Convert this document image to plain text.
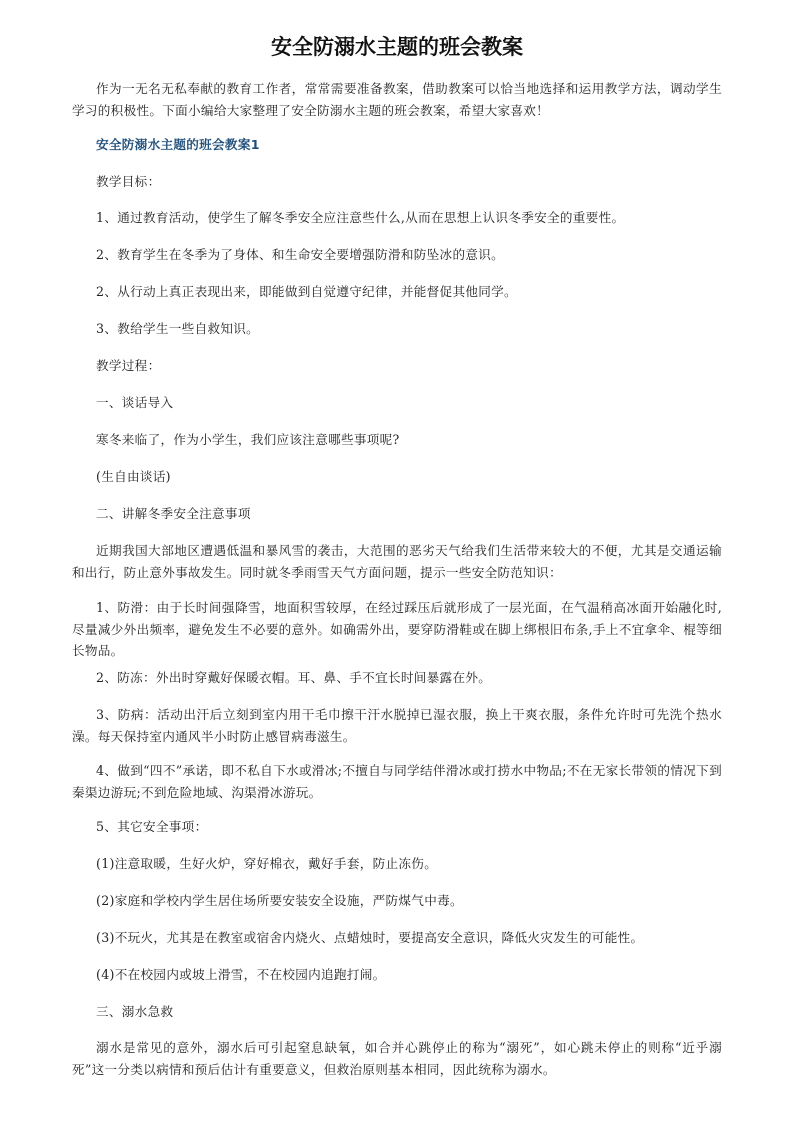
安全防溺水主题的班会教案

作为一无名无私奉献的教育工作者，常常需要准备教案，借助教案可以恰当地选择和运用教学方法，调动学生学习的积极性。下面小编给大家整理了安全防溺水主题的班会教案，希望大家喜欢！

安全防溺水主题的班会教案1

教学目标：

1、通过教育活动，使学生了解冬季安全应注意些什么,从而在思想上认识冬季安全的重要性。

2、教育学生在冬季为了身体、和生命安全要增强防滑和防坠冰的意识。

2、从行动上真正表现出来，即能做到自觉遵守纪律，并能督促其他同学。

3、教给学生一些自救知识。

教学过程：

一、谈话导入

寒冬来临了，作为小学生，我们应该注意哪些事项呢?

(生自由谈话)

二、讲解冬季安全注意事项

近期我国大部地区遭遇低温和暴风雪的袭击，大范围的恶劣天气给我们生活带来较大的不便，尤其是交通运输和出行，防止意外事故发生。同时就冬季雨雪天气方面问题，提示一些安全防范知识：

1、防滑：由于长时间强降雪，地面积雪较厚，在经过踩压后就形成了一层光面，在气温稍高冰面开始融化时,尽量减少外出频率，避免发生不必要的意外。如确需外出，要穿防滑鞋或在脚上绑根旧布条,手上不宜拿伞、棍等细长物品。

2、防冻：外出时穿戴好保暖衣帽。耳、鼻、手不宜长时间暴露在外。

3、防病：活动出汗后立刻到室内用干毛巾擦干汗水脱掉已湿衣服，换上干爽衣服，条件允许时可先洗个热水澡。每天保持室内通风半小时防止感冒病毒滋生。

4、做到“四不”承诺，即不私自下水或滑冰;不擅自与同学结伴滑冰或打捞水中物品;不在无家长带领的情况下到秦渠边游玩;不到危险地域、沟渠滑冰游玩。

5、其它安全事项：

(1)注意取暖，生好火炉，穿好棉衣，戴好手套，防止冻伤。

(2)家庭和学校内学生居住场所要安装安全设施，严防煤气中毒。

(3)不玩火，尤其是在教室或宿舍内烧火、点蜡烛时，要提高安全意识，降低火灾发生的可能性。

(4)不在校园内或坡上滑雪，不在校园内追跑打闹。

三、溺水急救

溺水是常见的意外，溺水后可引起窒息缺氧，如合并心跳停止的称为“溺死”，如心跳未停止的则称“近乎溺死”这一分类以病情和预后估计有重要意义，但救治原则基本相同，因此统称为溺水。
